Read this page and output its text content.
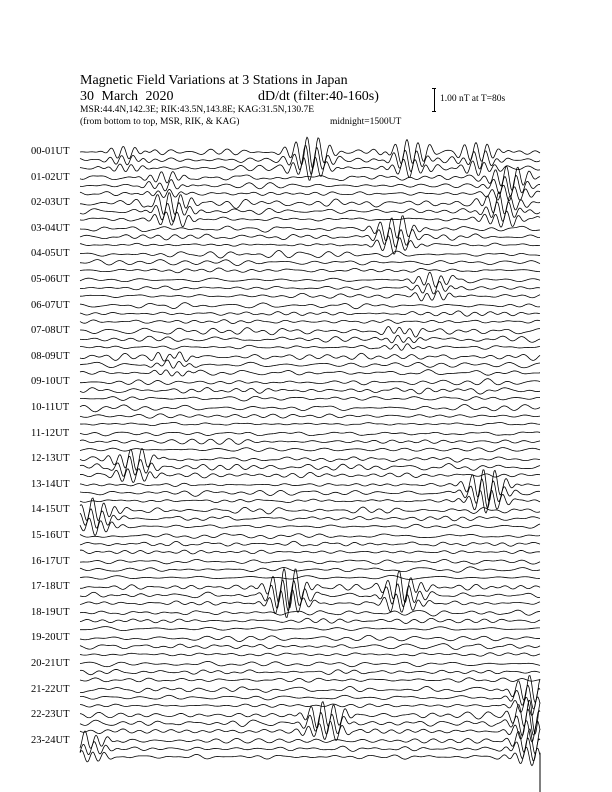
Magnetic Field Variations at 3 Stations in Japan
30 March 2020	dD/dt (filter:40-160s)
MSR:44.4N,142.3E; RIK:43.5N,143.8E; KAG:31.5N,130.7E
(from bottom to top, MSR, RIK, & KAG)	midnight=1500UT
1.00 nT at T=80s
00-01UT
01-02UT
02-03UT
03-04UT
04-05UT
05-06UT
06-07UT
07-08UT
08-09UT
09-10UT
10-11UT
11-12UT
12-13UT
13-14UT
14-15UT
15-16UT
16-17UT
17-18UT
18-19UT
19-20UT
20-21UT
21-22UT
22-23UT
23-24UT
